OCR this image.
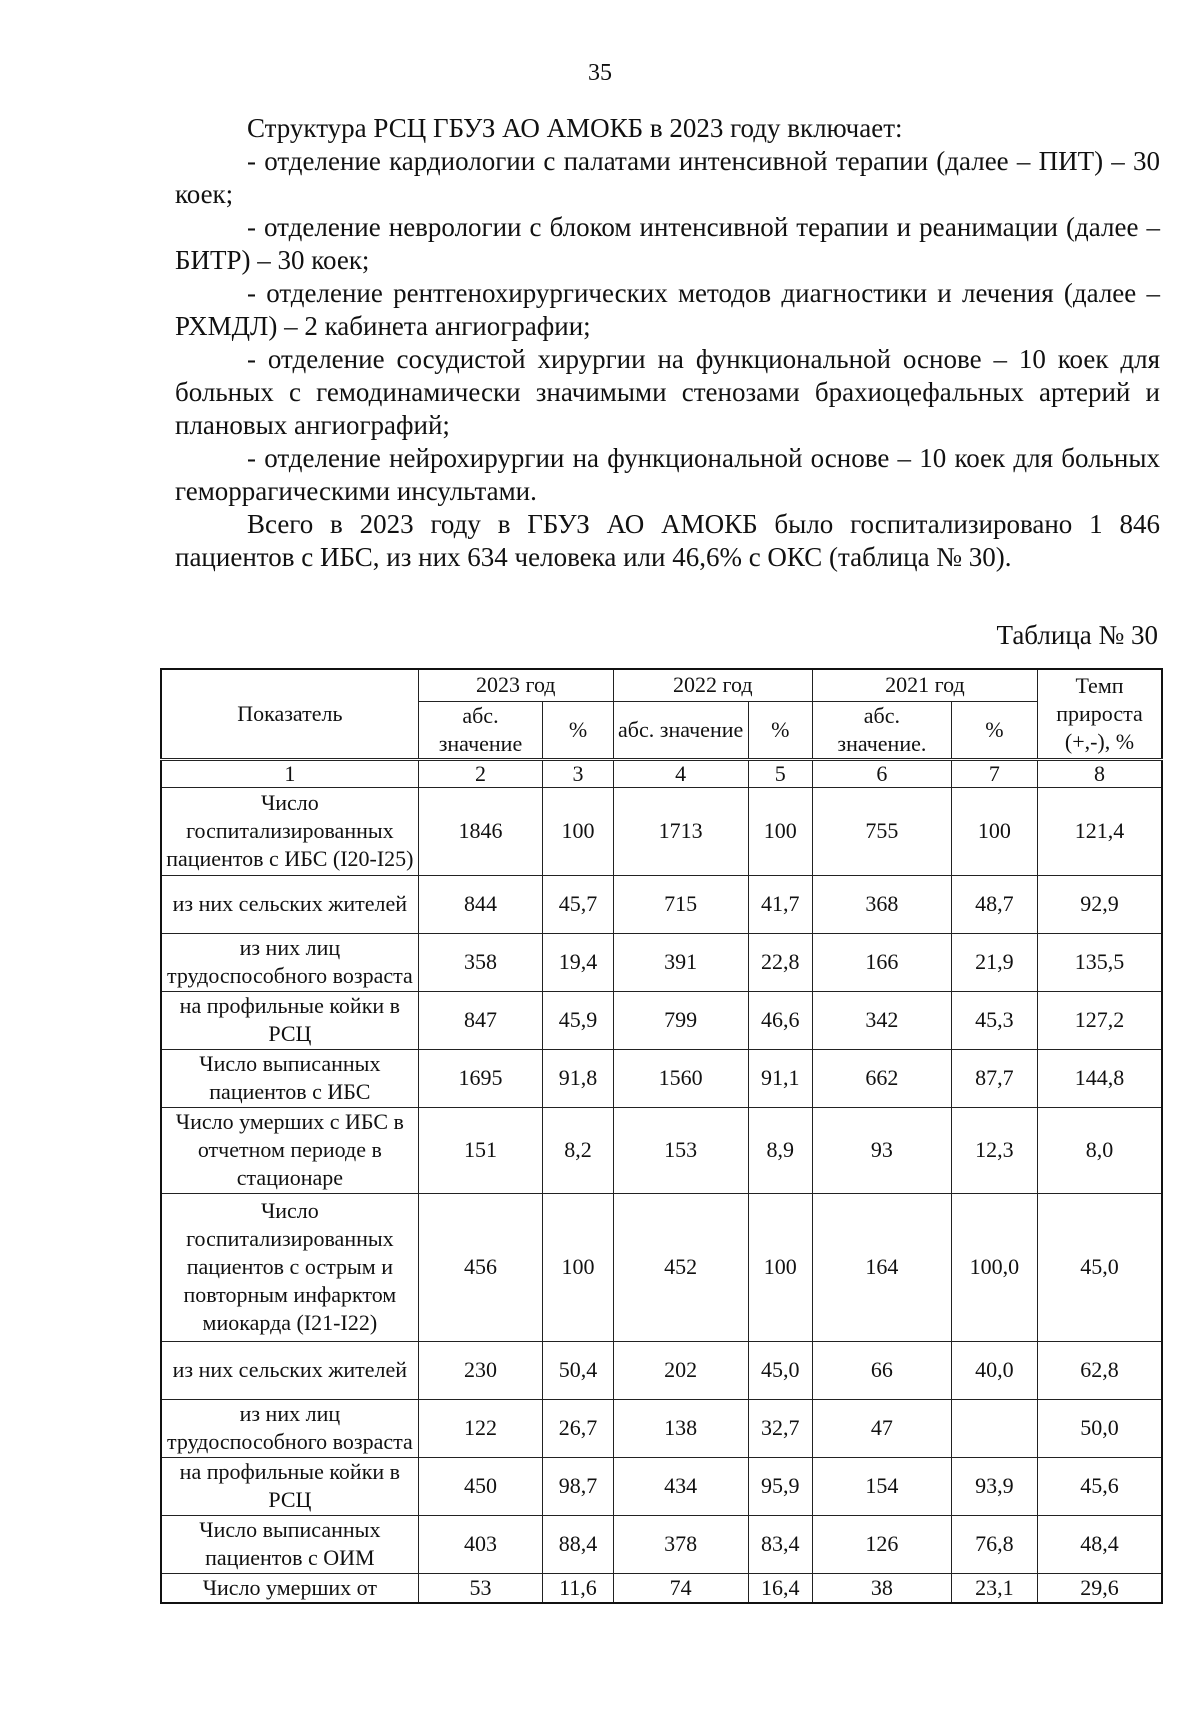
35

Структура РСЦ ГБУЗ АО АМОКБ в 2023 году включает:

- отделение кардиологии с палатами интенсивной терапии (далее – ПИТ) – 30 коек;

- отделение неврологии с блоком интенсивной терапии и реанимации (далее – БИТР) – 30 коек;

- отделение рентгенохирургических методов диагностики и лечения (далее – РХМДЛ) – 2 кабинета ангиографии;

- отделение сосудистой хирургии на функциональной основе – 10 коек для больных с гемодинамически значимыми стенозами брахиоцефальных артерий и плановых ангиографий;

- отделение нейрохирургии на функциональной основе – 10 коек для больных геморрагическими инсультами.

Всего в 2023 году в ГБУЗ АО АМОКБ было госпитализировано 1 846 пациентов с ИБС, из них 634 человека или 46,6% с ОКС (таблица № 30).

Таблица № 30
Показатель	2023 год		2022 год		2021 год		Темп прироста (+,-), %
	абс. значение	%	абс. значение	%	абс. значение.	%	
1	2	3	4	5	6	7	8
Число госпитализированных пациентов с ИБС (I20-I25)	1846	100	1713	100	755	100	121,4
из них сельских жителей	844	45,7	715	41,7	368	48,7	92,9
из них лиц трудоспособного возраста	358	19,4	391	22,8	166	21,9	135,5
на профильные койки в РСЦ	847	45,9	799	46,6	342	45,3	127,2
Число выписанных пациентов с ИБС	1695	91,8	1560	91,1	662	87,7	144,8
Число умерших с ИБС в отчетном периоде в стационаре	151	8,2	153	8,9	93	12,3	8,0
Число госпитализированных пациентов с острым и повторным инфарктом миокарда (I21-I22)	456	100	452	100	164	100,0	45,0
из них сельских жителей	230	50,4	202	45,0	66	40,0	62,8
из них лиц трудоспособного возраста	122	26,7	138	32,7	47		50,0
на профильные койки в РСЦ	450	98,7	434	95,9	154	93,9	45,6
Число выписанных пациентов с ОИМ	403	88,4	378	83,4	126	76,8	48,4
Число умерших от	53	11,6	74	16,4	38	23,1	29,6
